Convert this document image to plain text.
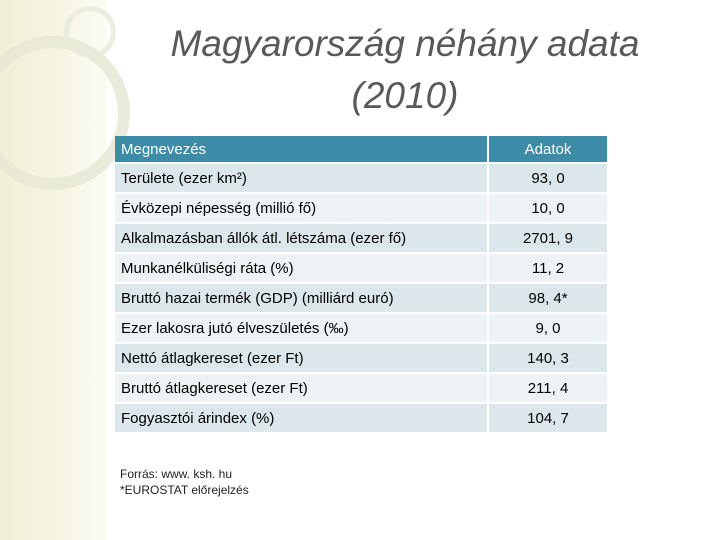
Magyarország néhány adata
(2010)
Megnevezés	Adatok
Területe (ezer km²)	93, 0
Évközepi népesség (millió fő)	10, 0
Alkalmazásban állók átl. létszáma (ezer fő)	2701, 9
Munkanélküliségi ráta (%)	11, 2
Bruttó hazai termék (GDP) (milliárd euró)	98, 4*
Ezer lakosra jutó élveszületés (‰)	9, 0
Nettó átlagkereset (ezer Ft)	140, 3
Bruttó átlagkereset (ezer Ft)	211, 4
Fogyasztói árindex (%)	104, 7
Forrás: www. ksh. hu
*EUROSTAT előrejelzés
